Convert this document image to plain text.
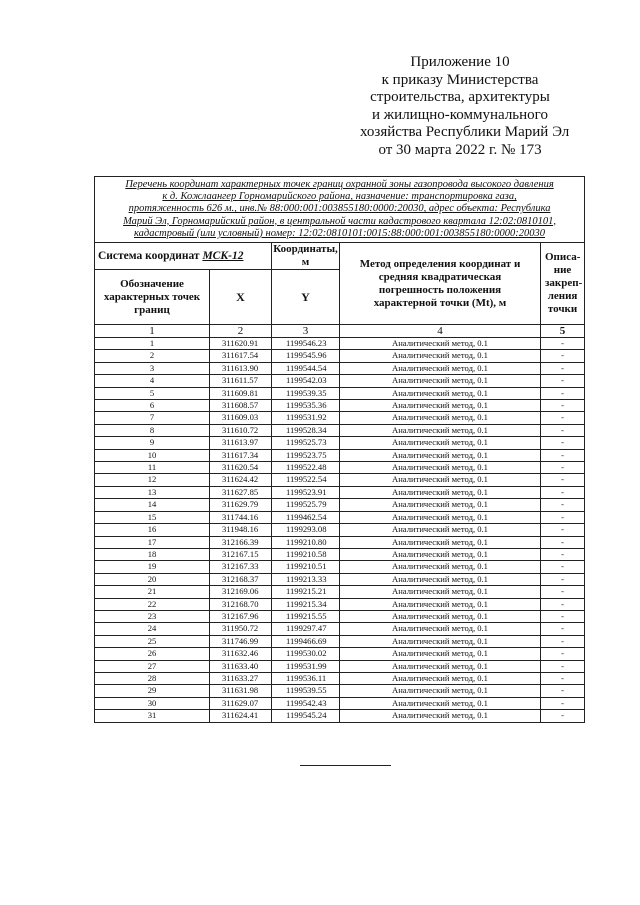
Приложение 10
к приказу Министерства
строительства, архитектуры
и жилищно-коммунального
хозяйства Республики Марий Эл
от 30 марта 2022 г. № 173
Перечень координат характерных точек границ охранной зоны газопровода высокого давления
к д. Кожлаангер Горномарийского района, назначение: транспортировка газа,
протяженность 626 м., инв.№ 88:000:001:003855180:0000:20030, адрес объекта: Республика
Марий Эл, Горномарийский район, в центральной части кадастрового квартала 12:02:0810101,
кадастровый (или условный) номер: 12:02:0810101:0015:88:000:001:003855180:0000:20030				

Система координат МСК-12		Координаты, м	Метод определения координат и средняя квадратическая погрешность положения характерной точки (Mt), м	Описа-ние закреп-ления точки
Обозначение характерных точек границ	X	Y		
1	2	3	4	5
1	311620.91	1199546.23	Аналитический метод, 0.1	-
2	311617.54	1199545.96	Аналитический метод, 0.1	-
3	311613.90	1199544.54	Аналитический метод, 0.1	-
4	311611.57	1199542.03	Аналитический метод, 0.1	-
5	311609.81	1199539.35	Аналитический метод, 0.1	-
6	311608.57	1199535.36	Аналитический метод, 0.1	-
7	311609.03	1199531.92	Аналитический метод, 0.1	-
8	311610.72	1199528.34	Аналитический метод, 0.1	-
9	311613.97	1199525.73	Аналитический метод, 0.1	-
10	311617.34	1199523.75	Аналитический метод, 0.1	-
11	311620.54	1199522.48	Аналитический метод, 0.1	-
12	311624.42	1199522.54	Аналитический метод, 0.1	-
13	311627.85	1199523.91	Аналитический метод, 0.1	-
14	311629.79	1199525.79	Аналитический метод, 0.1	-
15	311744.16	1199462.54	Аналитический метод, 0.1	-
16	311948.16	1199293.08	Аналитический метод, 0.1	-
17	312166.39	1199210.80	Аналитический метод, 0.1	-
18	312167.15	1199210.58	Аналитический метод, 0.1	-
19	312167.33	1199210.51	Аналитический метод, 0.1	-
20	312168.37	1199213.33	Аналитический метод, 0.1	-
21	312169.06	1199215.21	Аналитический метод, 0.1	-
22	312168.70	1199215.34	Аналитический метод, 0.1	-
23	312167.96	1199215.55	Аналитический метод, 0.1	-
24	311950.72	1199297.47	Аналитический метод, 0.1	-
25	311746.99	1199466.69	Аналитический метод, 0.1	-
26	311632.46	1199530.02	Аналитический метод, 0.1	-
27	311633.40	1199531.99	Аналитический метод, 0.1	-
28	311633.27	1199536.11	Аналитический метод, 0.1	-
29	311631.98	1199539.55	Аналитический метод, 0.1	-
30	311629.07	1199542.43	Аналитический метод, 0.1	-
31	311624.41	1199545.24	Аналитический метод, 0.1	-
